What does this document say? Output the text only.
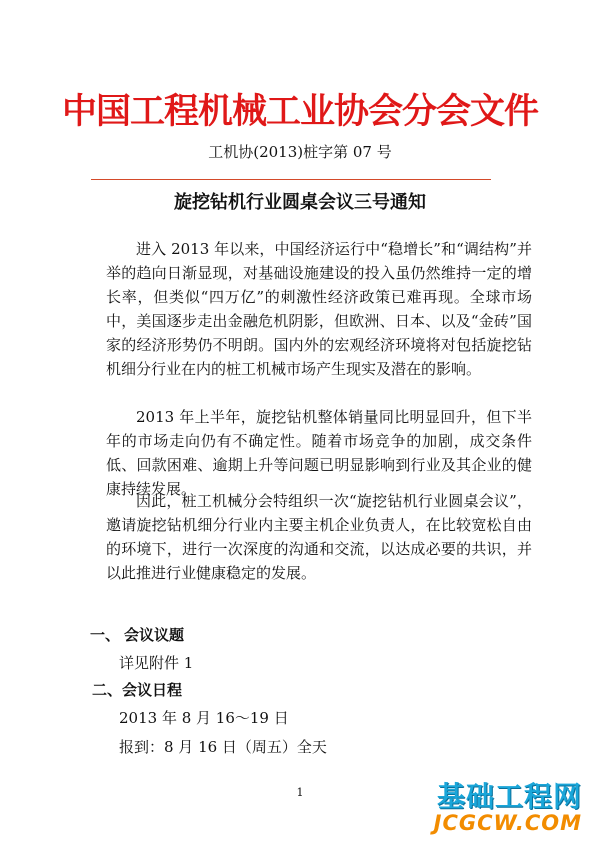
中国工程机械工业协会分会文件
工机协(2013)桩字第 07 号
旋挖钻机行业圆桌会议三号通知

进入 2013 年以来，中国经济运行中“稳增长”和“调结构”并举的趋向日渐显现，对基础设施建设的投入虽仍然维持一定的增长率，但类似“四万亿”的刺激性经济政策已难再现。全球市场中，美国逐步走出金融危机阴影，但欧洲、日本、以及“金砖”国家的经济形势仍不明朗。国内外的宏观经济环境将对包括旋挖钻机细分行业在内的桩工机械市场产生现实及潜在的影响。

2013 年上半年，旋挖钻机整体销量同比明显回升，但下半年的市场走向仍有不确定性。随着市场竞争的加剧，成交条件低、回款困难、逾期上升等问题已明显影响到行业及其企业的健康持续发展。

因此，桩工机械分会特组织一次“旋挖钻机行业圆桌会议”，邀请旋挖钻机细分行业内主要主机企业负责人，在比较宽松自由的环境下，进行一次深度的沟通和交流，以达成必要的共识，并以此推进行业健康稳定的发展。

一、 会议议题
详见附件 1
二、会议日程
2013 年 8 月 16～19 日
报到：8 月 16 日（周五）全天
1	基础工程网
JCGCW.COM
